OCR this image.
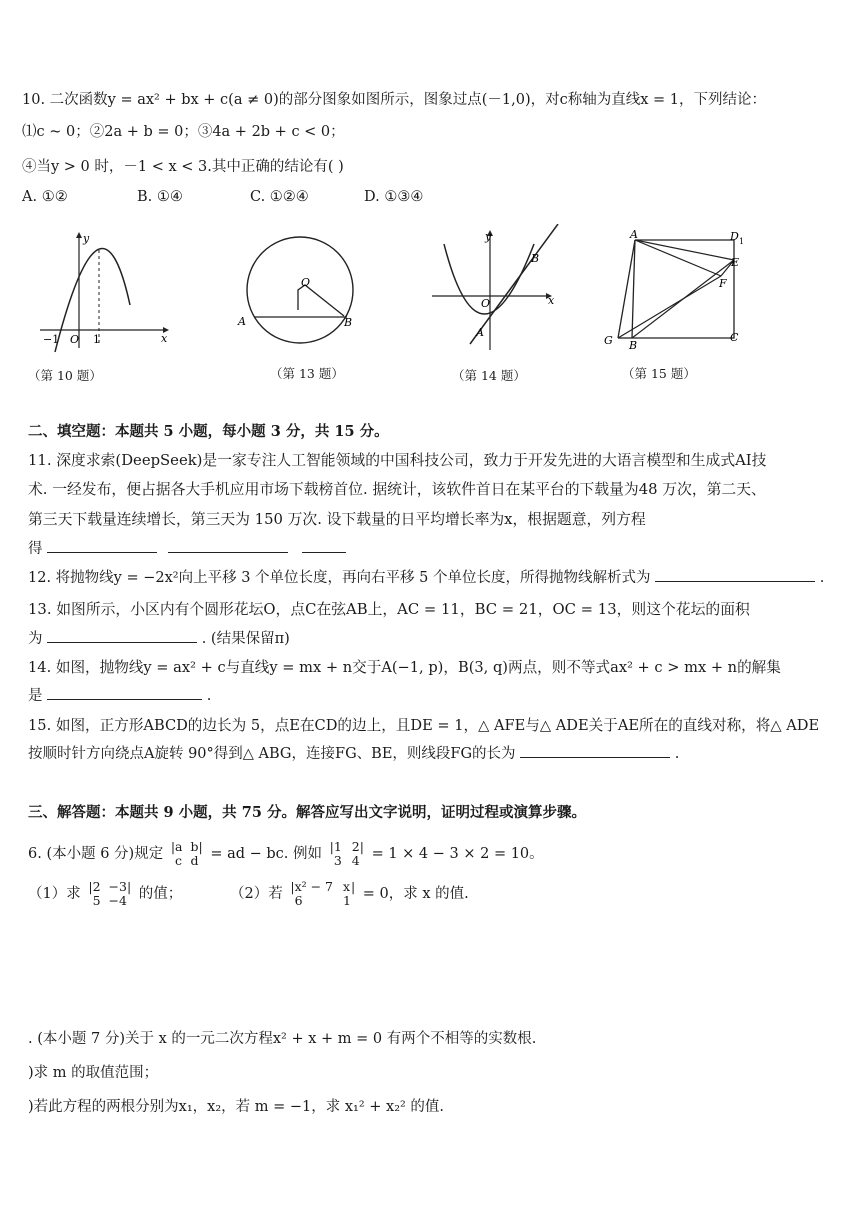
10. 二次函数y = ax² + bx + c(a ≠ 0)的部分图象如图所示，图象过点(－1,0)，对c称轴为直线x = 1，下列结论：
⑴c ~ 0；②2a + b = 0；③4a + 2b + c < 0；
④当y > 0 时，－1 < x < 3.其中正确的结论有( )
A. ①②	B. ①④	C. ①②④	D. ①③④
y
x
O
−1	1
（第 10 题）
O
A	B
（第 13 题）
y
x
O
A
B
（第 14 题）
A	D 1
E
F
G B
C
（第 15 题）
二、填空题：本题共 5 小题，每小题 3 分，共 15 分。
11. 深度求索(DeepSeek)是一家专注人工智能领域的中国科技公司，致力于开发先进的大语言模型和生成式AI技
术. 一经发布，便占据各大手机应用市场下载榜首位. 据统计，该软件首日在某平台的下载量为48 万次，第二天、
第三天下载量连续增长，第三天为 150 万次. 设下载量的日平均增长率为x，根据题意，列方程
得
12. 将抛物线y = −2x²向上平移 3 个单位长度，再向右平移 5 个单位长度，所得抛物线解析式为	.
13. 如图所示，小区内有个圆形花坛O，点C在弦AB上，AC = 11，BC = 21，OC = 13，则这个花坛的面积
为	. (结果保留π)
14. 如图，抛物线y = ax² + c与直线y = mx + n交于A(−1, p)，B(3, q)两点，则不等式ax² + c > mx + n的解集
是	.
15. 如图，正方形ABCD的边长为 5，点E在CD的边上，且DE = 1，△ AFE与△ ADE关于AE所在的直线对称，将△ ADE
按顺时针方向绕点A旋转 90°得到△ ABG，连接FG、BE，则线段FG的长为	.
三、解答题：本题共 9 小题，共 75 分。解答应写出文字说明，证明过程或演算步骤。
6. (本小题 6 分)规定 | a b
c d
| = ad − bc. 例如 | 1 2
3 4
| = 1 × 4 − 3 × 2 = 10。
（1）求 | 2 −3
5 −4
| 的值；	（2）若 | x² − 7 x
6	1
| = 0，求 x 的值.
. (本小题 7 分)关于 x 的一元二次方程x² + x + m = 0 有两个不相等的实数根.
)求 m 的取值范围；
)若此方程的两根分别为x₁，x₂，若 m = −1，求 x₁² + x₂² 的值.
